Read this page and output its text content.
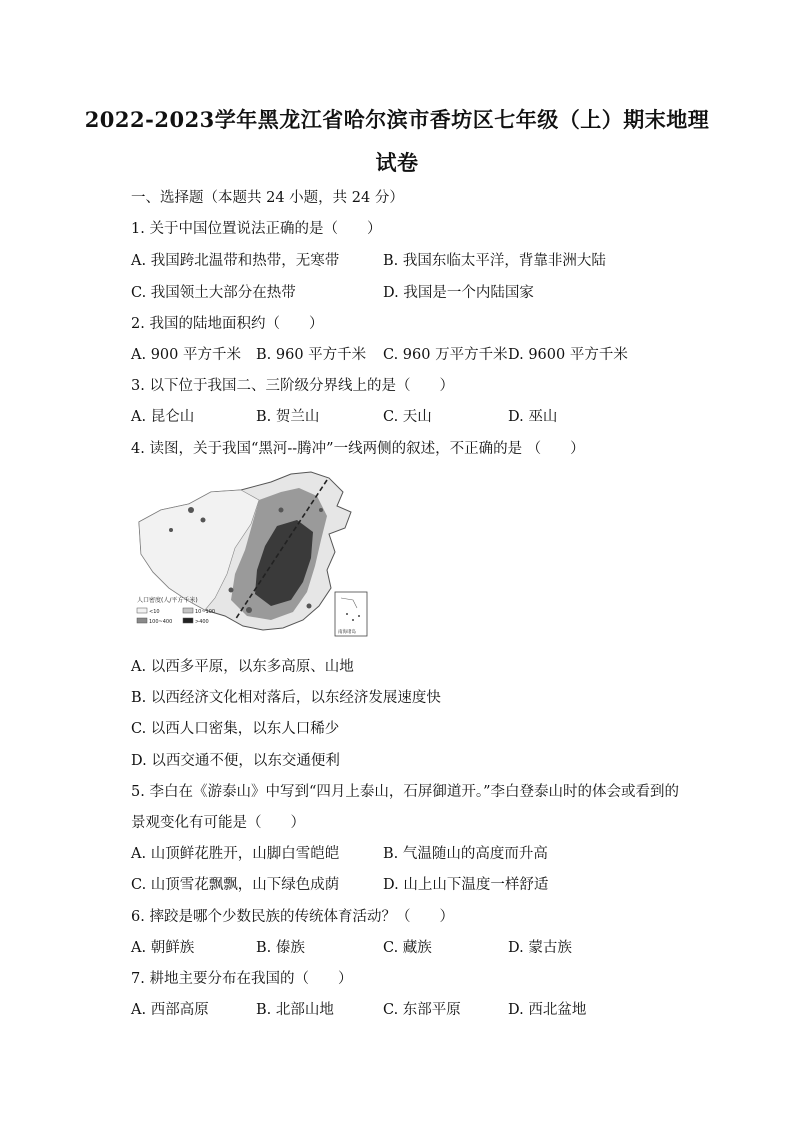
2022-2023学年黑龙江省哈尔滨市香坊区七年级（上）期末地理
试卷
一、选择题（本题共 24 小题，共 24 分）
1. 关于中国位置说法正确的是（　　）
A. 我国跨北温带和热带，无寒带	B. 我国东临太平洋，背靠非洲大陆
C. 我国领土大部分在热带	D. 我国是一个内陆国家
2. 我国的陆地面积约（　　）
A. 900 平方千米 B. 960 平方千米 C. 960 万平方千米 D. 9600 平方千米
3. 以下位于我国二、三阶级分界线上的是（　　）
A. 昆仑山	B. 贺兰山	C. 天山	D. 巫山
4. 读图，关于我国“黑河--腾冲”一线两侧的叙述，不正确的是 （　　）
人口密度(人/平方千米)
<10	10~100
100~400	>400
南海诸岛
A. 以西多平原，以东多高原、山地
B. 以西经济文化相对落后，以东经济发展速度快
C. 以西人口密集，以东人口稀少
D. 以西交通不便，以东交通便利
5. 李白在《游泰山》中写到“四月上泰山，石屏御道开。”李白登泰山时的体会或看到的
景观变化有可能是（　　）
A. 山顶鲜花胜开，山脚白雪皑皑	B. 气温随山的高度而升高
C. 山顶雪花飘飘，山下绿色成荫	D. 山上山下温度一样舒适
6. 摔跤是哪个少数民族的传统体育活动？（　　）
A. 朝鲜族	B. 傣族	C. 藏族	D. 蒙古族
7. 耕地主要分布在我国的（　　）
A. 西部高原	B. 北部山地	C. 东部平原	D. 西北盆地
